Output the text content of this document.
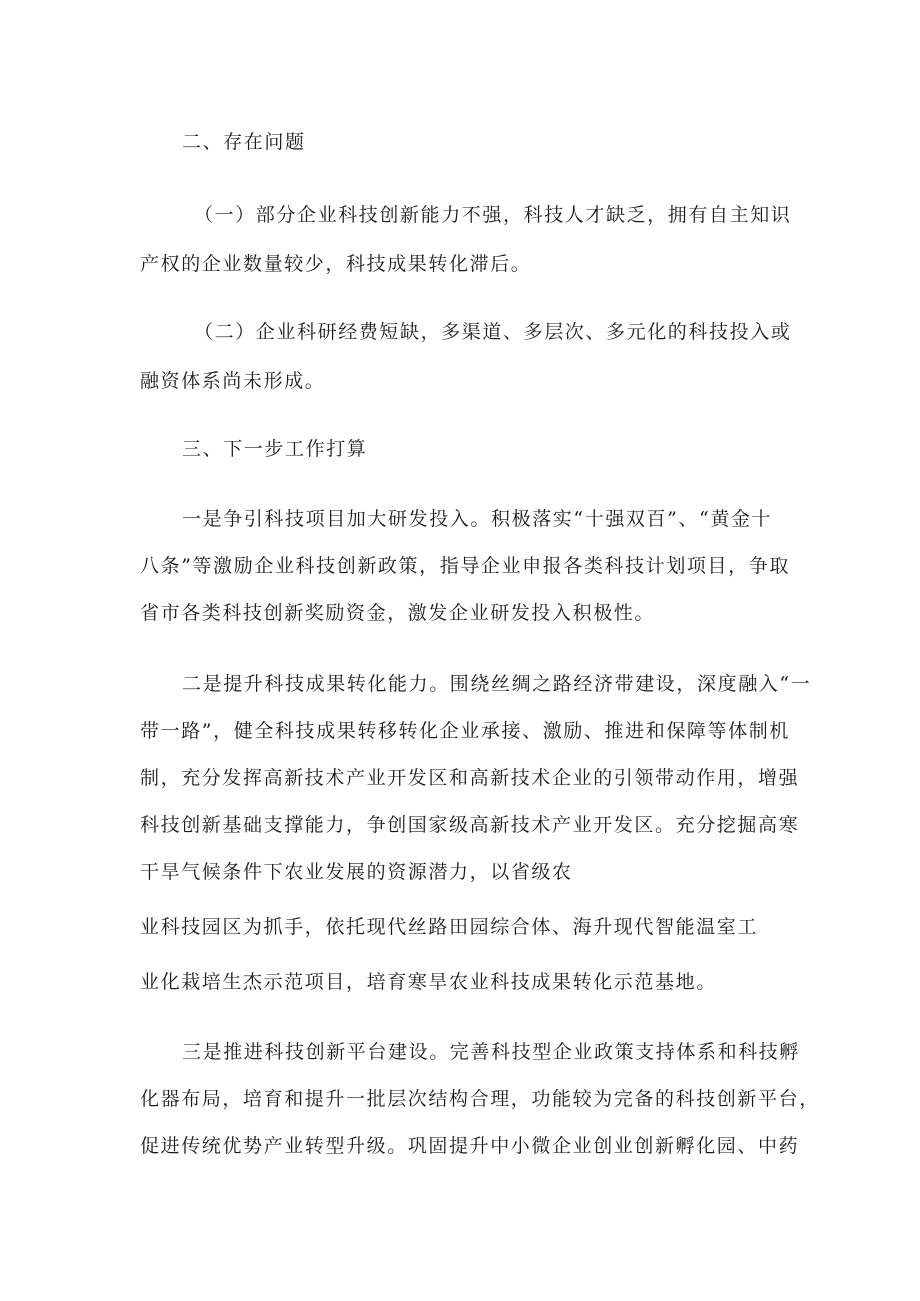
二、存在问题
（一）部分企业科技创新能力不强，科技人才缺乏，拥有自主知识
产权的企业数量较少，科技成果转化滞后。
（二）企业科研经费短缺，多渠道、多层次、多元化的科技投入或
融资体系尚未形成。
三、下一步工作打算
一是争引科技项目加大研发投入。积极落实“十强双百”、“黄金十
八条”等激励企业科技创新政策，指导企业申报各类科技计划项目，争取
省市各类科技创新奖励资金，激发企业研发投入积极性。
二是提升科技成果转化能力。围绕丝绸之路经济带建设，深度融入“一
带一路”，健全科技成果转移转化企业承接、激励、推进和保障等体制机
制，充分发挥高新技术产业开发区和高新技术企业的引领带动作用，增强
科技创新基础支撑能力，争创国家级高新技术产业开发区。充分挖掘高寒
干旱气候条件下农业发展的资源潜力，以省级农
业科技园区为抓手，依托现代丝路田园综合体、海升现代智能温室工
业化栽培生杰示范项目，培育寒旱农业科技成果转化示范基地。
三是推进科技创新平台建设。完善科技型企业政策支持体系和科技孵
化器布局，培育和提升一批层次结构合理，功能较为完备的科技创新平台，
促进传统优势产业转型升级。巩固提升中小微企业创业创新孵化园、中药
